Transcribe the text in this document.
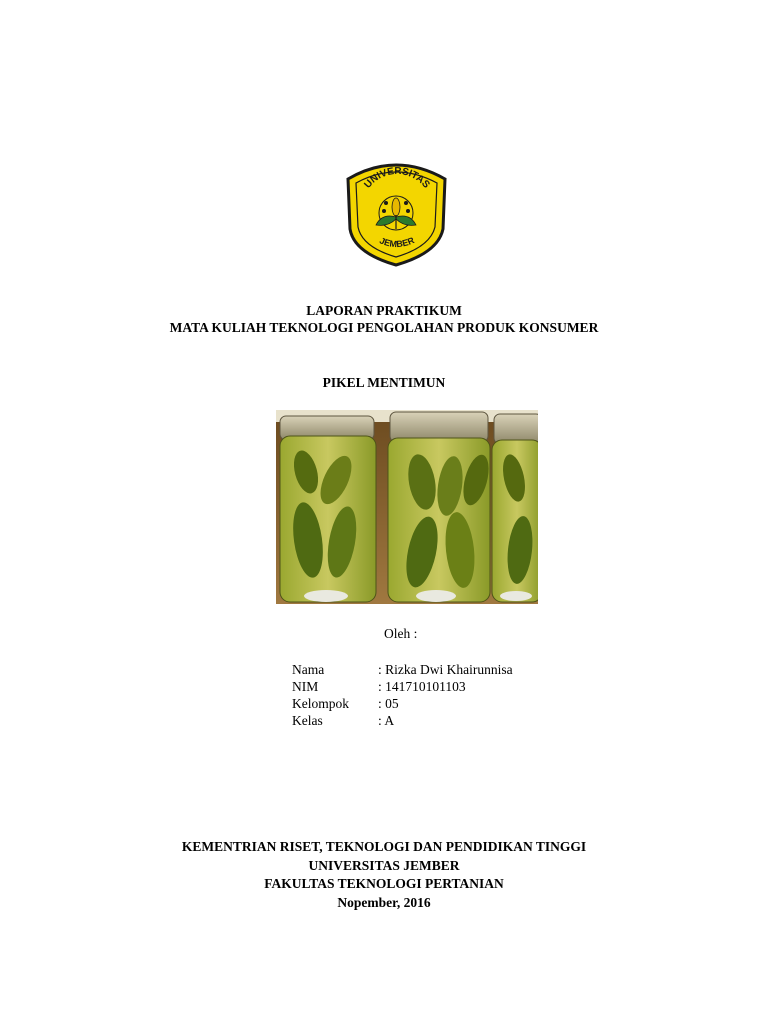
UNIVERSITAS
JEMBER
LAPORAN PRAKTIKUM
MATA KULIAH TEKNOLOGI PENGOLAHAN PRODUK KONSUMER
PIKEL MENTIMUN
Oleh :
Nama	: Rizka Dwi Khairunnisa
NIM	: 141710101103
Kelompok	: 05
Kelas	: A
KEMENTRIAN RISET, TEKNOLOGI DAN PENDIDIKAN TINGGI
UNIVERSITAS JEMBER
FAKULTAS TEKNOLOGI PERTANIAN
Nopember, 2016
